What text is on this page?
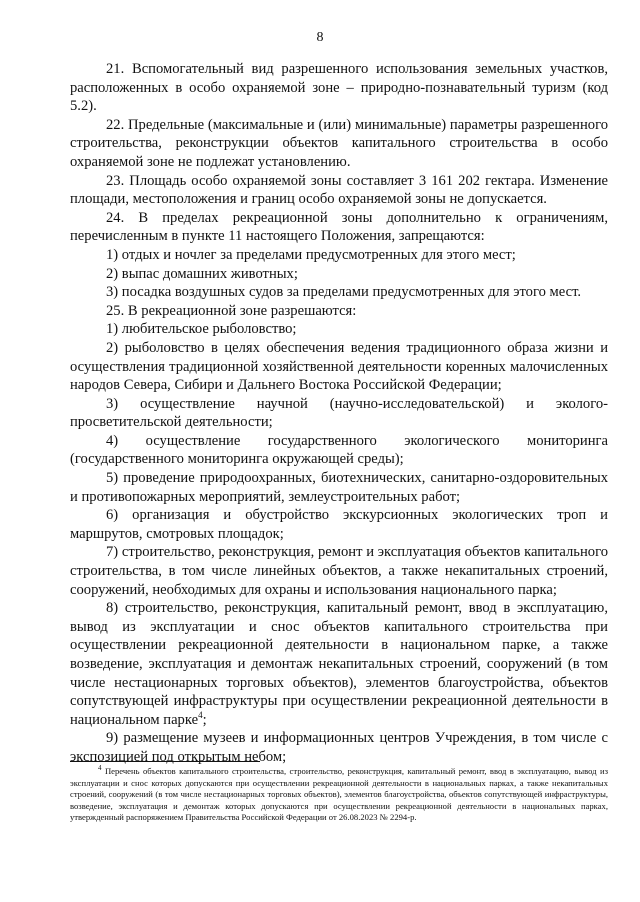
8

21. Вспомогательный вид разрешенного использования земельных участков, расположенных в особо охраняемой зоне – природно-познавательный туризм (код 5.2).

22. Предельные (максимальные и (или) минимальные) параметры разрешенного строительства, реконструкции объектов капитального строительства в особо охраняемой зоне не подлежат установлению.

23. Площадь особо охраняемой зоны составляет 3 161 202 гектара. Изменение площади, местоположения и границ особо охраняемой зоны не допускается.

24. В пределах рекреационной зоны дополнительно к ограничениям, перечисленным в пункте 11 настоящего Положения, запрещаются:

1) отдых и ночлег за пределами предусмотренных для этого мест;

2) выпас домашних животных;

3) посадка воздушных судов за пределами предусмотренных для этого мест.

25. В рекреационной зоне разрешаются:

1) любительское рыболовство;

2) рыболовство в целях обеспечения ведения традиционного образа жизни и осуществления традиционной хозяйственной деятельности коренных малочисленных народов Севера, Сибири и Дальнего Востока Российской Федерации;

3) осуществление научной (научно-исследовательской) и эколого-просветительской деятельности;

4) осуществление государственного экологического мониторинга (государственного мониторинга окружающей среды);

5) проведение природоохранных, биотехнических, санитарно-оздоровительных и противопожарных мероприятий, землеустроительных работ;

6) организация и обустройство экскурсионных экологических троп и маршрутов, смотровых площадок;

7) строительство, реконструкция, ремонт и эксплуатация объектов капитального строительства, в том числе линейных объектов, а также некапитальных строений, сооружений, необходимых для охраны и использования национального парка;

8) строительство, реконструкция, капитальный ремонт, ввод в эксплуатацию, вывод из эксплуатации и снос объектов капитального строительства при осуществлении рекреационной деятельности в национальном парке, а также возведение, эксплуатация и демонтаж некапитальных строений, сооружений (в том числе нестационарных торговых объектов), элементов благоустройства, объектов сопутствующей инфраструктуры при осуществлении рекреационной деятельности в национальном парке$^4$;

9) размещение музеев и информационных центров Учреждения, в том числе с экспозицией под открытым небом;

$^4$ Перечень объектов капитального строительства, строительство, реконструкция, капитальный ремонт, ввод в эксплуатацию, вывод из эксплуатации и снос которых допускаются при осуществлении рекреационной деятельности в национальных парках, а также некапитальных строений, сооружений (в том числе нестационарных торговых объектов), элементов благоустройства, объектов сопутствующей инфраструктуры, возведение, эксплуатация и демонтаж которых допускаются при осуществлении рекреационной деятельности в национальных парках, утвержденный распоряжением Правительства Российской Федерации от 26.08.2023 № 2294-р.
